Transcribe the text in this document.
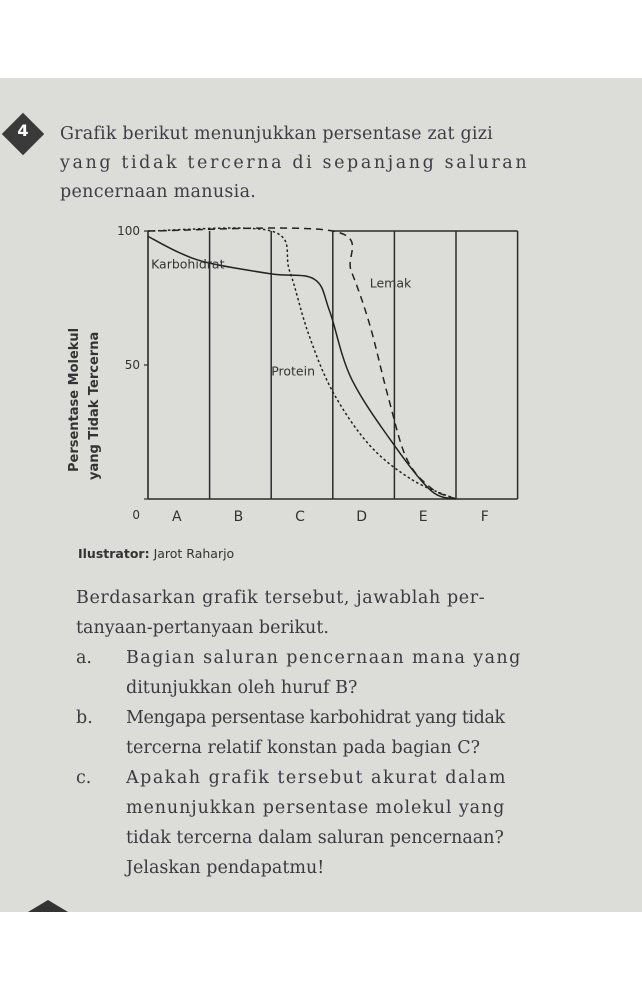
4 Grafik berikut menunjukkan persentase zat gizi
yang tidak tercerna di sepanjang saluran
pencernaan manusia.
Persentase Molekul yang Tidak Tercerna
0
50
100
A	B	C	D	E	F
Karbohidrat
Protein
Lemak
Ilustrator: Jarot Raharjo
Berdasarkan grafik tersebut, jawablah per-
tanyaan-pertanyaan berikut.
a. Bagian saluran pencernaan mana yang
ditunjukkan oleh huruf B?
b. Mengapa persentase karbohidrat yang tidak
tercerna relatif konstan pada bagian C?
c. Apakah grafik tersebut akurat dalam
menunjukkan persentase molekul yang
tidak tercerna dalam saluran pencernaan?
Jelaskan pendapatmu!
